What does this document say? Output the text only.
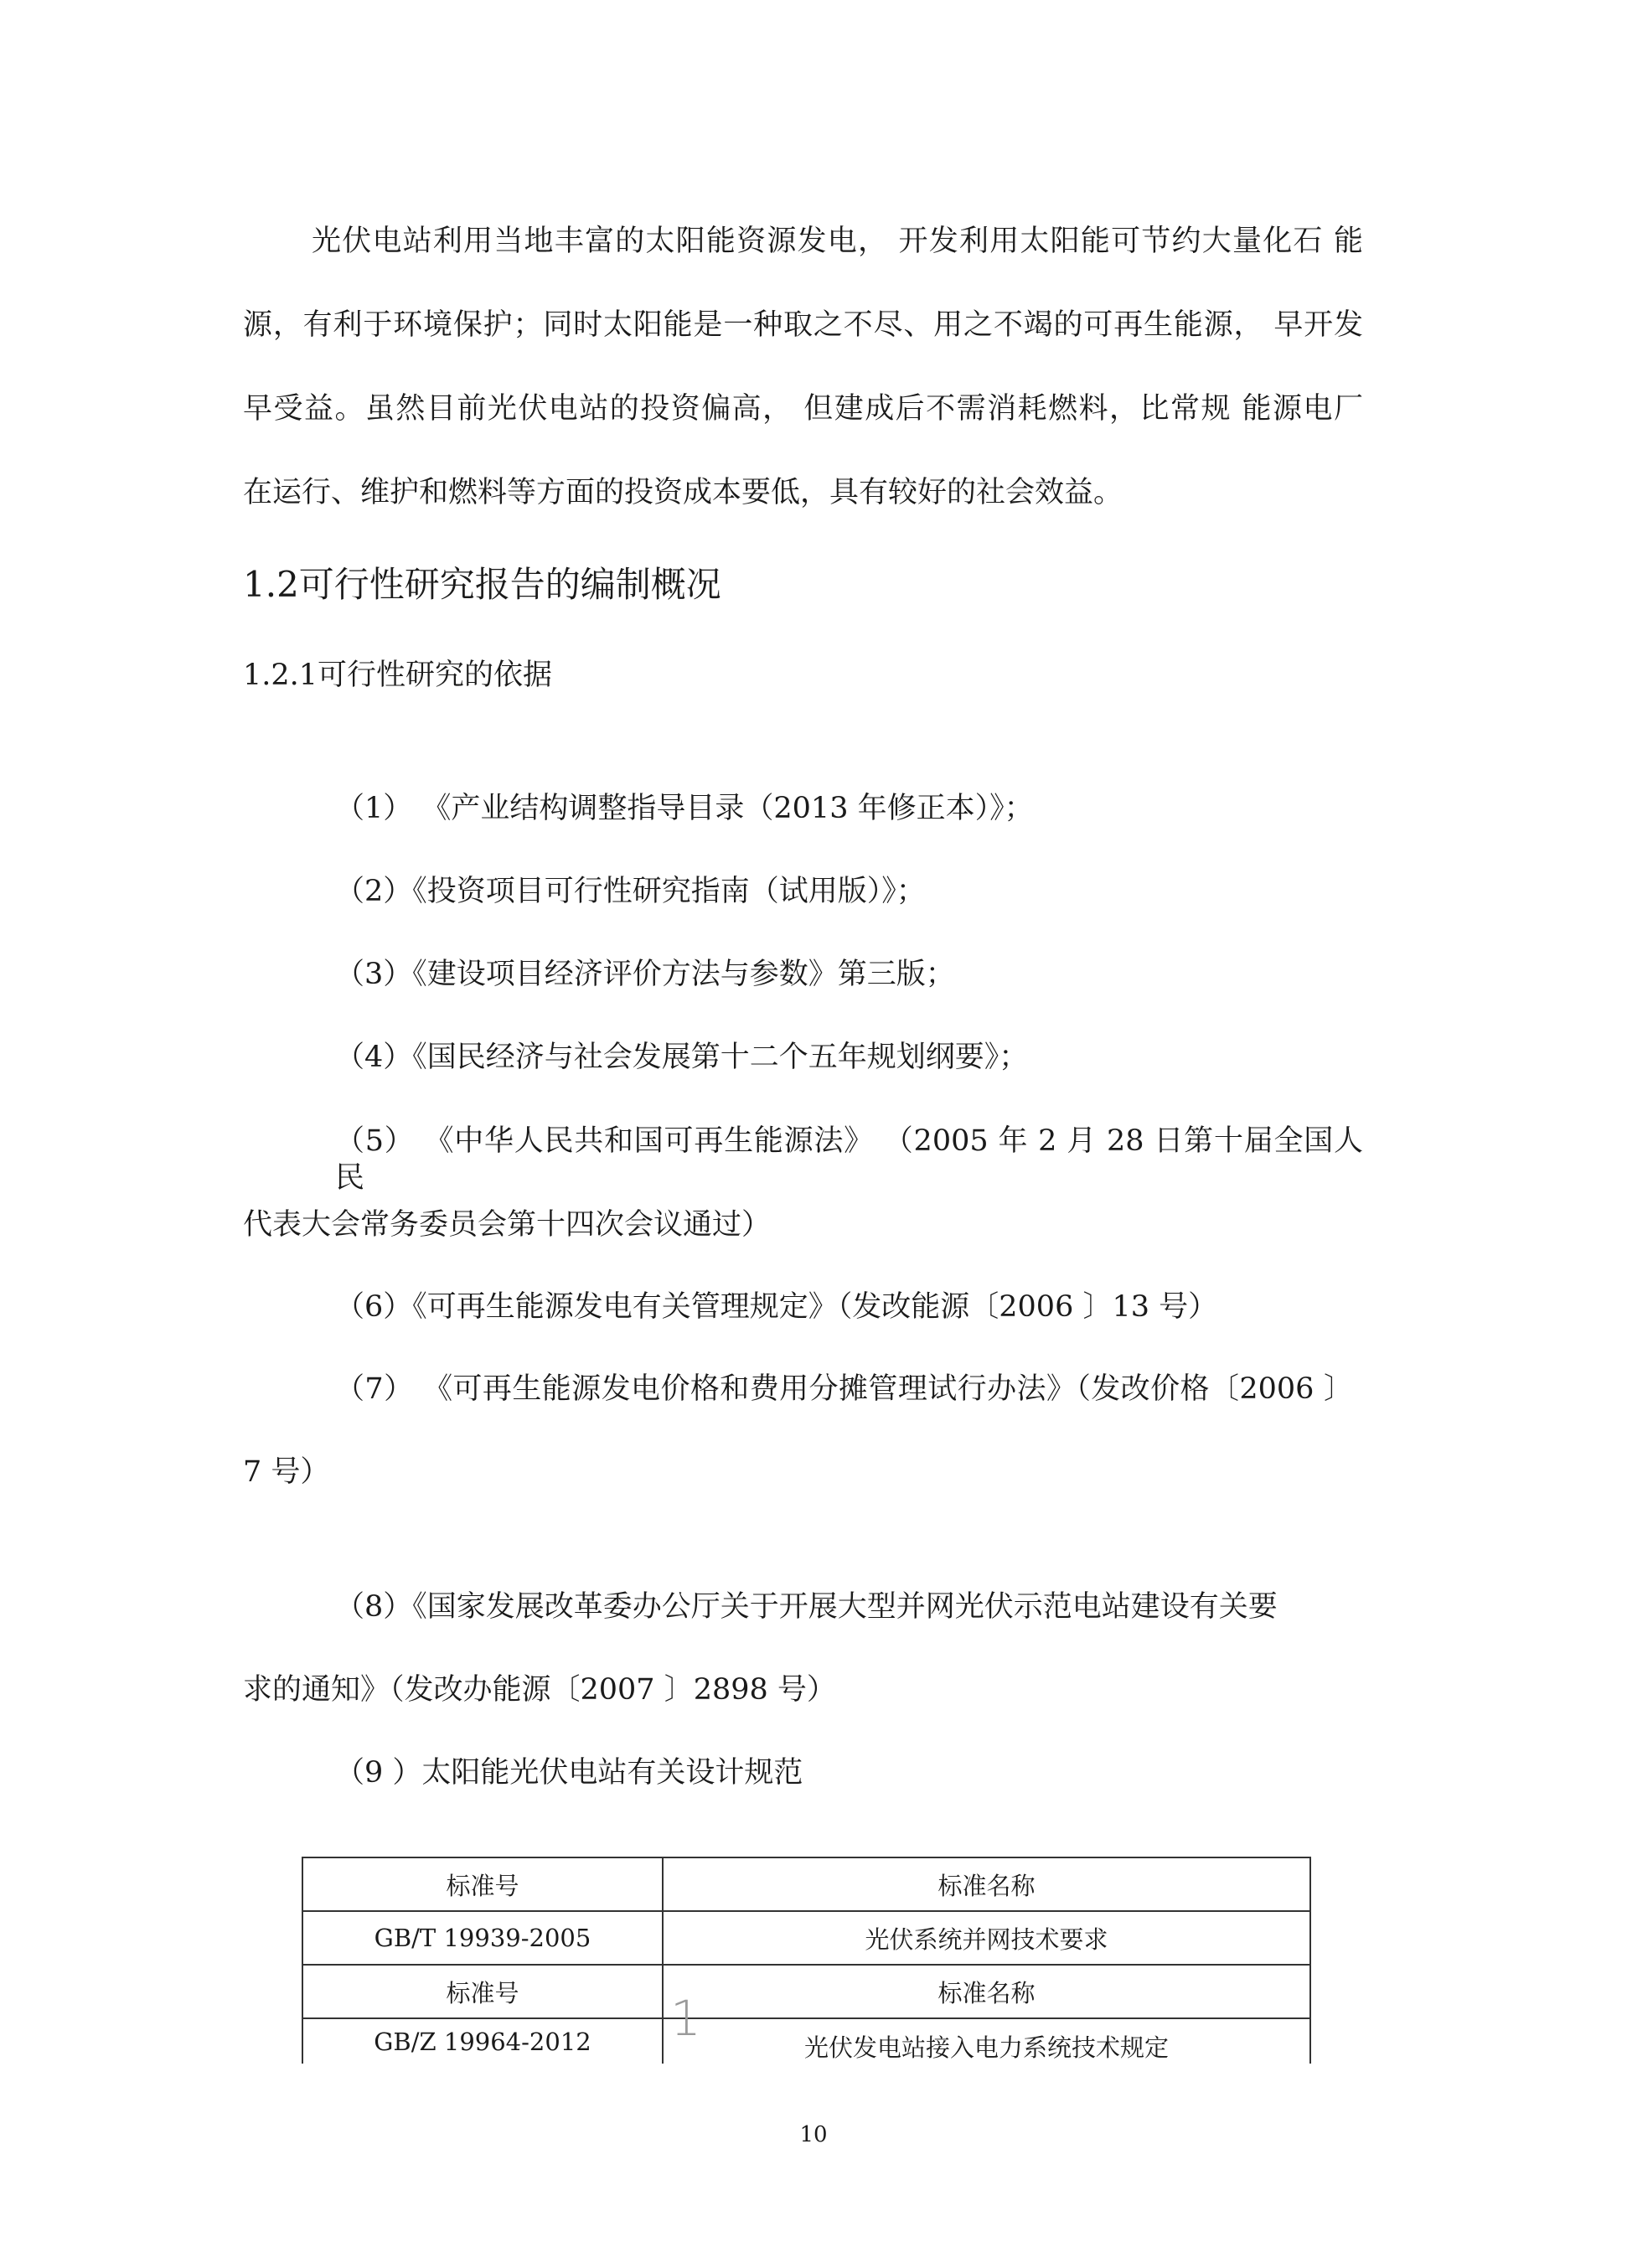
光伏电站利用当地丰富的太阳能资源发电， 开发利用太阳能可节约大量化石 能
源，有利于环境保护；同时太阳能是一种取之不尽、用之不竭的可再生能源， 早开发
早受益。虽然目前光伏电站的投资偏高， 但建成后不需消耗燃料，比常规 能源电厂
在运行、维护和燃料等方面的投资成本要低，具有较好的社会效益。
1.2可行性研究报告的编制概况
1.2.1可行性研究的依据
（1） 《产业结构调整指导目录（2013 年修正本）》；
（2）《投资项目可行性研究指南（试用版）》；
（3）《建设项目经济评价方法与参数》第三版；
（4）《国民经济与社会发展第十二个五年规划纲要》；
（5） 《中华人民共和国可再生能源法》 （2005 年 2 月 28 日第十届全国人 民
代表大会常务委员会第十四次会议通过）
（6）《可再生能源发电有关管理规定》（发改能源〔2006 〕13 号）
（7） 《可再生能源发电价格和费用分摊管理试行办法》（发改价格〔2006 〕
7 号）
（8）《国家发展改革委办公厅关于开展大型并网光伏示范电站建设有关要
求的通知》（发改办能源〔2007 〕2898 号）
（9 ）太阳能光伏电站有关设计规范
标准号	标准名称
GB/T 19939-2005	光伏系统并网技术要求
标准号	标准名称
GB/Z 19964-2012	光伏发电站接入电力系统技术规定
1
10
